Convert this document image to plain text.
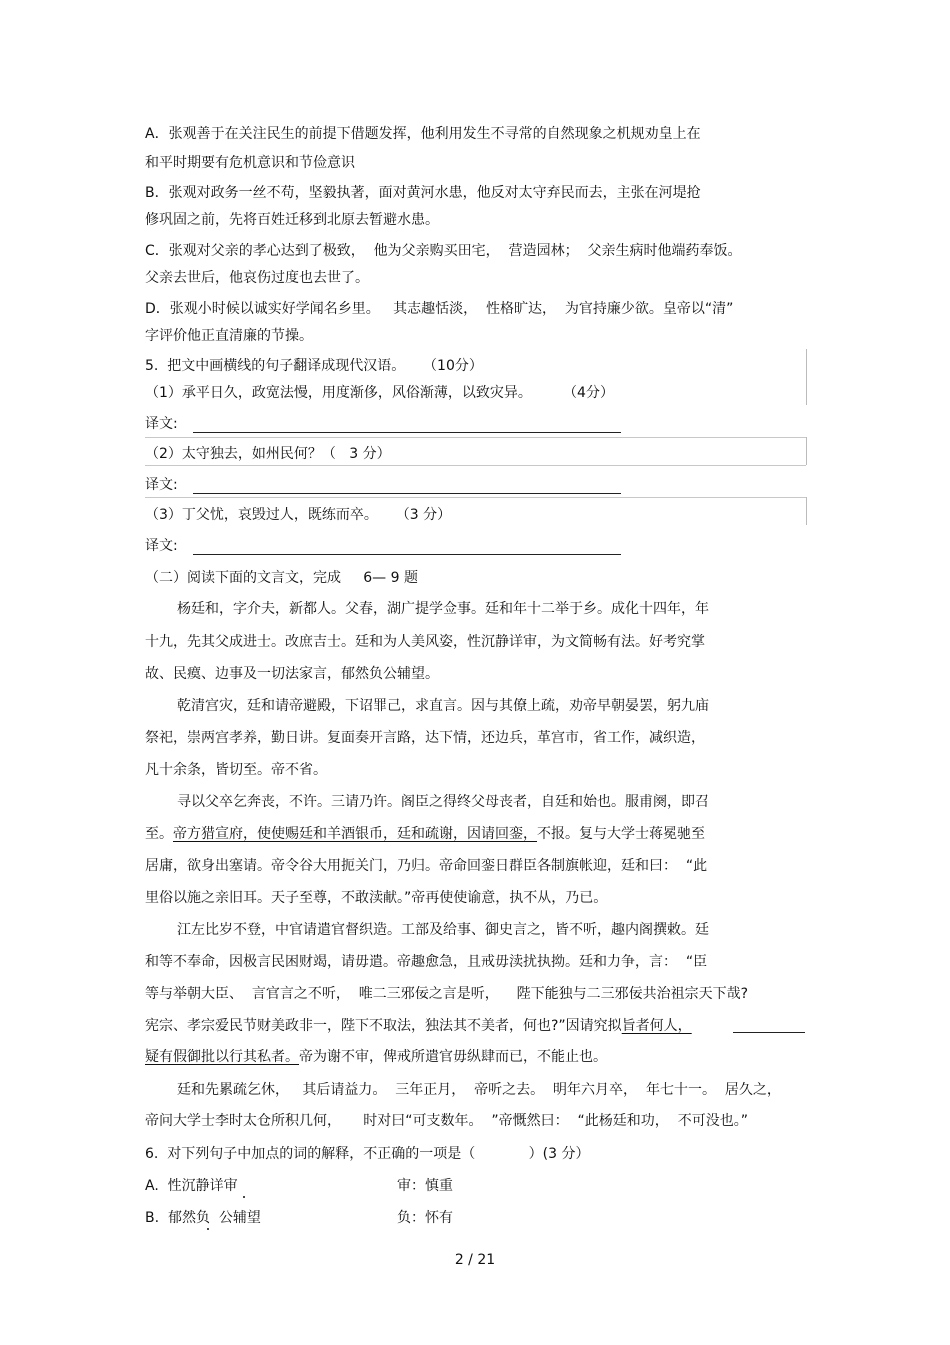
A．张观善于在关注民生的前提下借题发挥，他利用发生不寻常的自然现象之机规劝皇上在
和平时期要有危机意识和节俭意识
B．张观对政务一丝不苟，坚毅执著，面对黄河水患，他反对太守弃民而去，主张在河堤抢
修巩固之前，先将百姓迁移到北原去暂避水患。
C．张观对父亲的孝心达到了极致，  他为父亲购买田宅，  营造园林；  父亲生病时他端药奉饭。
父亲去世后，他哀伤过度也去世了。
D．张观小时候以诚实好学闻名乡里。   其志趣恬淡，  性格旷达，  为官持廉少欲。皇帝以“清”
字评价他正直清廉的节操。
5.  把文中画横线的句子翻译成现代汉语。    （10分）
（1）承平日久，政宽法慢，用度渐侈，风俗渐薄，以致灾异。       （4分）
译文:
（2）太守独去，如州民何？（   3 分）
译文:
（3）丁父忧，哀毁过人，既练而卒。    （3 分）
译文:
（二）阅读下面的文言文，完成     6— 9 题
杨廷和，字介夫，新都人。父春，湖广提学佥事。廷和年十二举于乡。成化十四年，年
十九，先其父成进士。改庶吉士。廷和为人美风姿，性沉静详审，为文简畅有法。好考究掌
故、民瘼、边事及一切法家言，郁然负公辅望。
乾清宫灾，廷和请帝避殿，下诏罪己，求直言。因与其僚上疏，劝帝早朝晏罢，躬九庙
祭祀，崇两宫孝养，勤日讲。复面奏开言路，达下情，还边兵，革宫市，省工作，减织造，
凡十余条，皆切至。帝不省。
寻以父卒乞奔丧，不许。三请乃许。阁臣之得终父母丧者，自廷和始也。服甫阕，即召
至。帝方猎宣府，使使赐廷和羊酒银币，廷和疏谢，因请回銮，不报。复与大学士蒋冕驰至
居庸，欲身出塞请。帝令谷大用扼关门，乃归。帝命回銮日群臣各制旗帐迎，廷和曰：  “此
里俗以施之亲旧耳。天子至尊，不敢渎献。”帝再使使谕意，执不从，乃已。
江左比岁不登，中官请遣官督织造。工部及给事、御史言之，皆不听，趣内阁撰敕。廷
和等不奉命，因极言民困财竭，请毋遣。帝趣愈急，且戒毋渎扰执拗。廷和力争，言：  “臣
等与举朝大臣、  言官言之不听，  唯二三邪佞之言是听，    陛下能独与二三邪佞共治祖宗天下哉?
宪宗、孝宗爱民节财美政非一，陛下不取法，独法其不美者，何也?”因请究拟旨者何人，
疑有假御批以行其私者。帝为谢不审，俾戒所遣官毋纵肆而已，不能止也。
廷和先累疏乞休，   其后请益力。  三年正月，  帝听之去。  明年六月卒，  年七十一。  居久之，
帝问大学士李时太仓所积几何，     时对曰“可支数年。  ”帝慨然曰：  “此杨廷和功，  不可没也。”
6.  对下列句子中加点的词的解释，不正确的一项是（            ）(3 分）
A.  性沉静详审	审：慎重
B.  郁然负  公辅望	负：怀有
2 / 21
